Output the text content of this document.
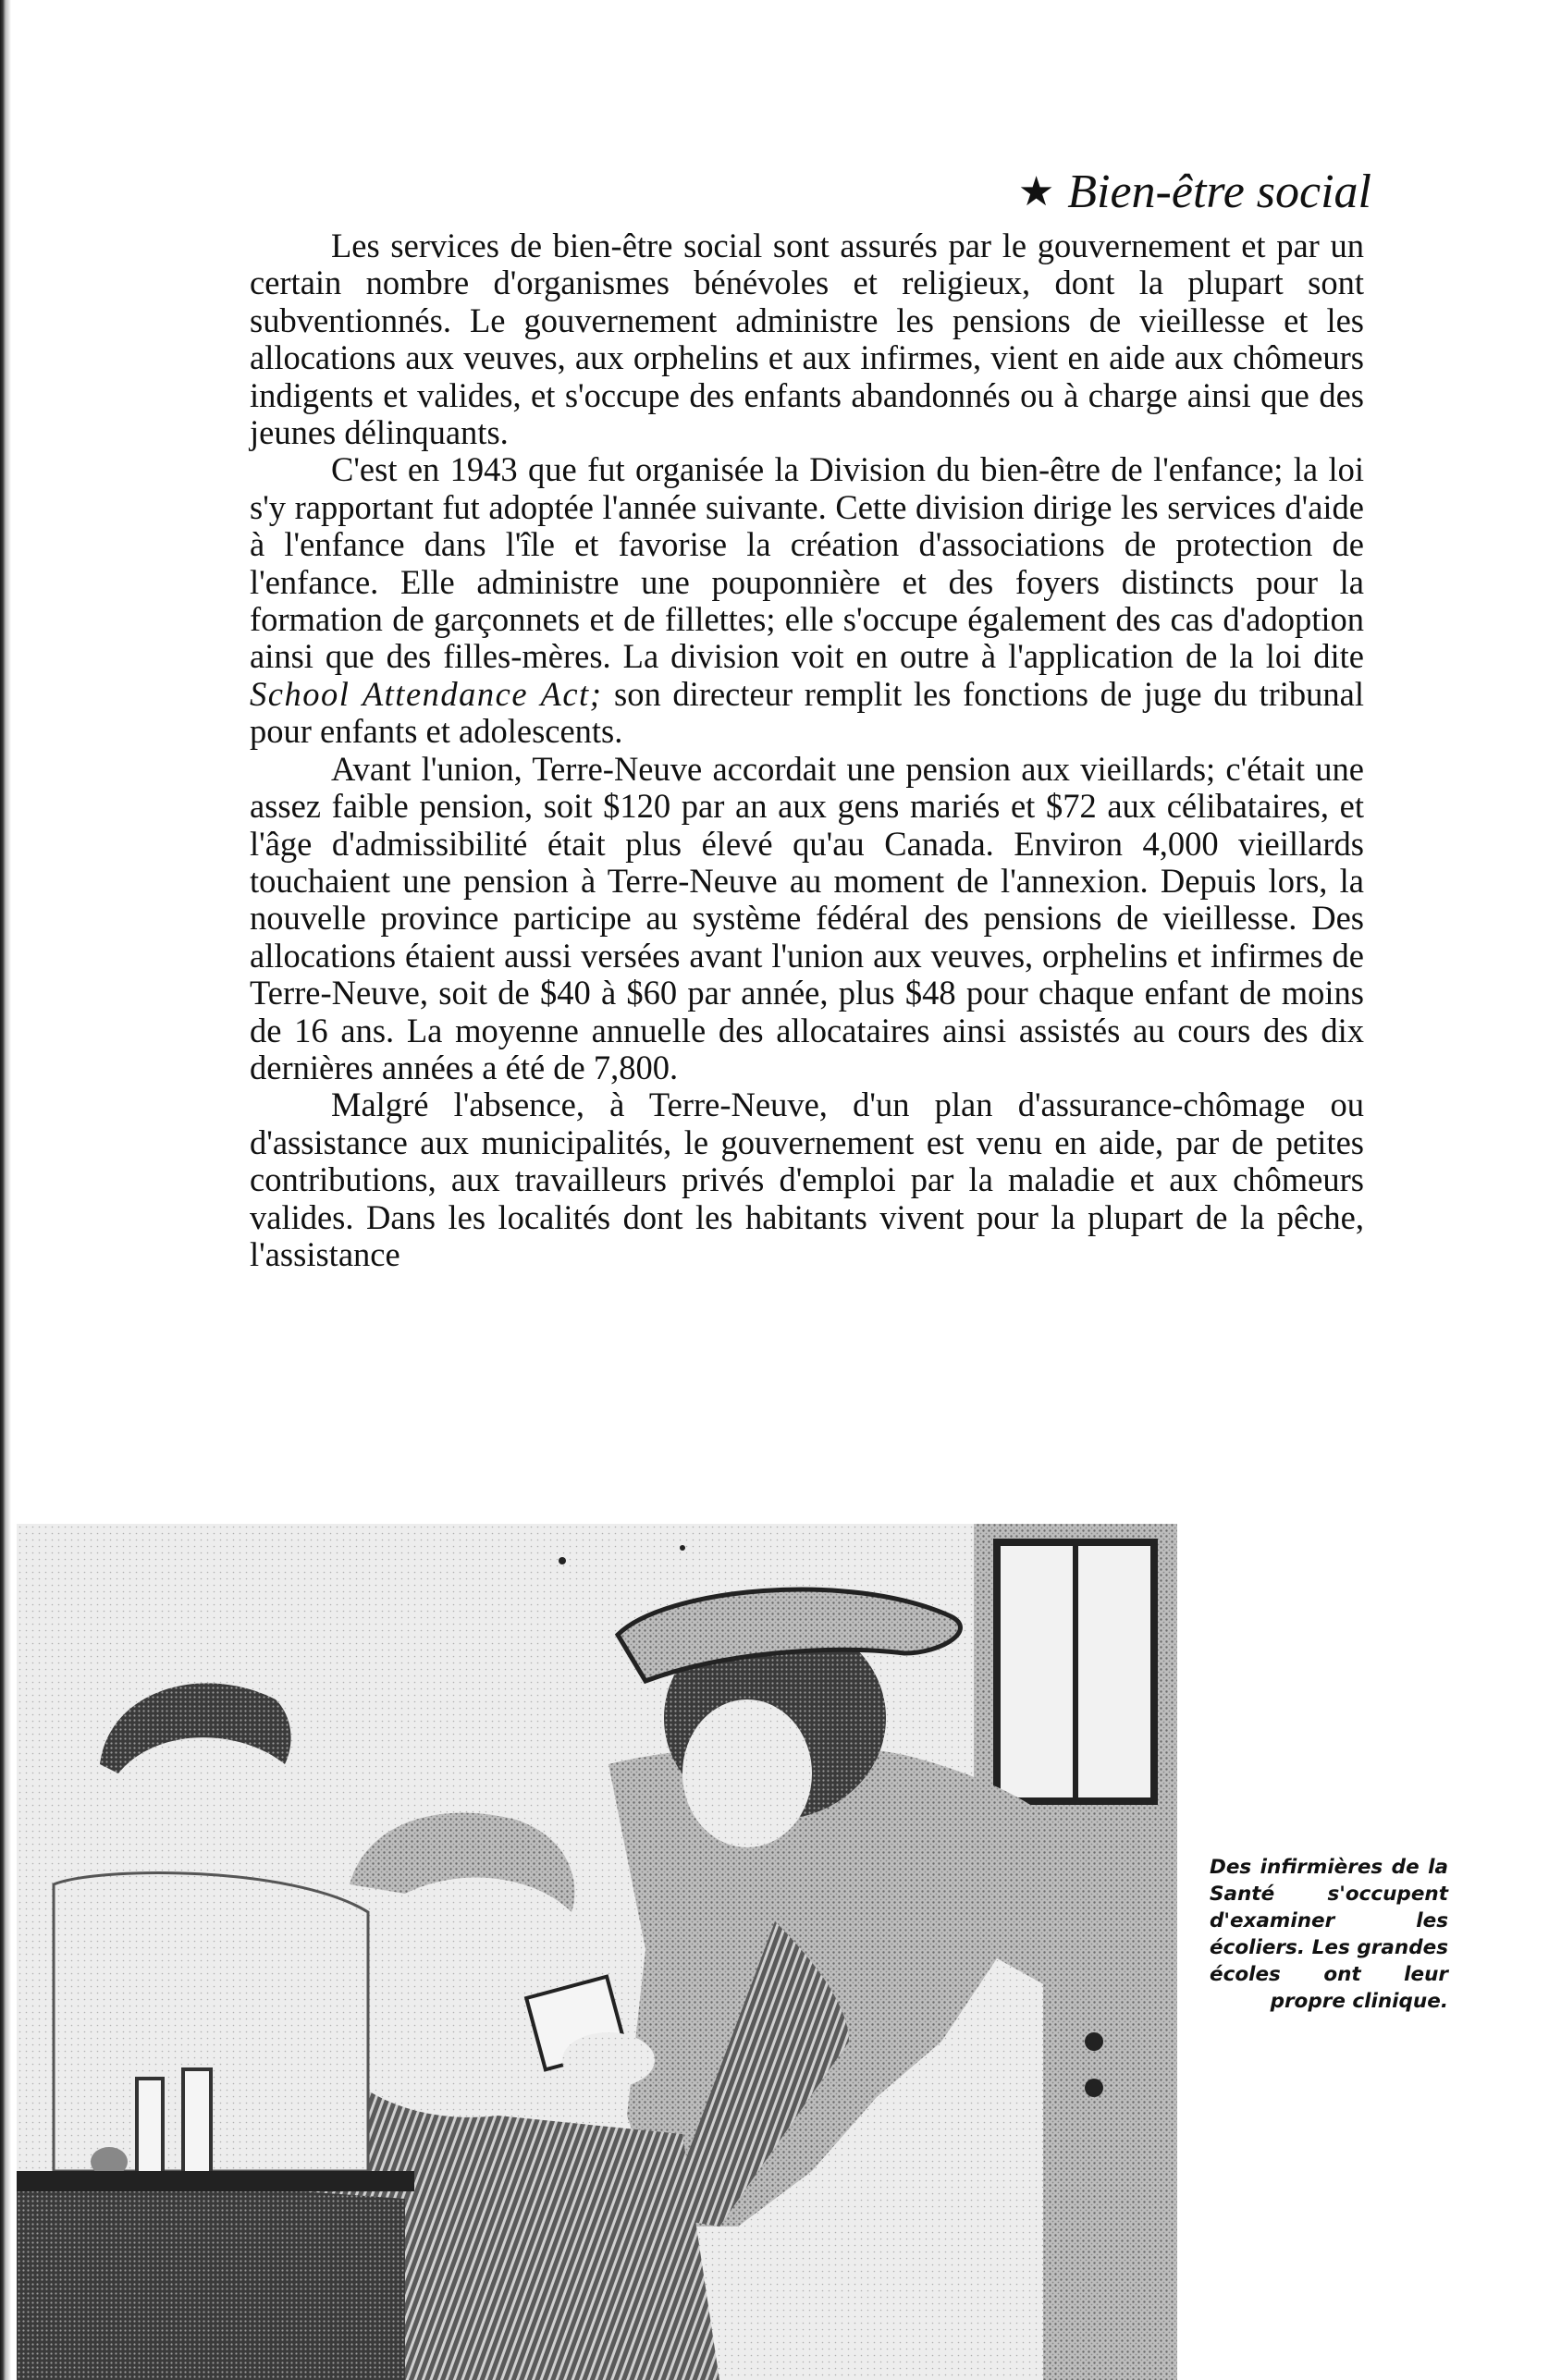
★ Bien-être social

Les services de bien-être social sont assurés par le gouvernement et par un certain nombre d'organismes bénévoles et religieux, dont la plupart sont subventionnés. Le gouvernement administre les pensions de vieillesse et les allocations aux veuves, aux orphelins et aux infirmes, vient en aide aux chômeurs indigents et valides, et s'occupe des enfants abandonnés ou à charge ainsi que des jeunes délinquants.

C'est en 1943 que fut organisée la Division du bien-être de l'enfance; la loi s'y rapportant fut adoptée l'année suivante. Cette division dirige les services d'aide à l'enfance dans l'île et favorise la création d'associations de protection de l'enfance. Elle administre une pouponnière et des foyers distincts pour la formation de garçonnets et de fillettes; elle s'occupe également des cas d'adoption ainsi que des filles-mères. La division voit en outre à l'application de la loi dite School Attendance Act; son directeur remplit les fonctions de juge du tribunal pour enfants et adolescents.

Avant l'union, Terre-Neuve accordait une pension aux vieillards; c'était une assez faible pension, soit $120 par an aux gens mariés et $72 aux célibataires, et l'âge d'admissibilité était plus élevé qu'au Canada. Environ 4,000 vieillards touchaient une pension à Terre-Neuve au moment de l'annexion. Depuis lors, la nouvelle province participe au système fédéral des pensions de vieillesse. Des allocations étaient aussi versées avant l'union aux veuves, orphelins et infirmes de Terre-Neuve, soit de $40 à $60 par année, plus $48 pour chaque enfant de moins de 16 ans. La moyenne annuelle des allocataires ainsi assistés au cours des dix dernières années a été de 7,800.

Malgré l'absence, à Terre-Neuve, d'un plan d'assurance-chômage ou d'assistance aux municipalités, le gouvernement est venu en aide, par de petites contributions, aux travailleurs privés d'emploi par la maladie et aux chômeurs valides. Dans les localités dont les habitants vivent pour la plupart de la pêche, l'assistance

Des infirmières de la Santé s'occupent d'examiner les écoliers. Les grandes écoles ont leur propre clinique.
